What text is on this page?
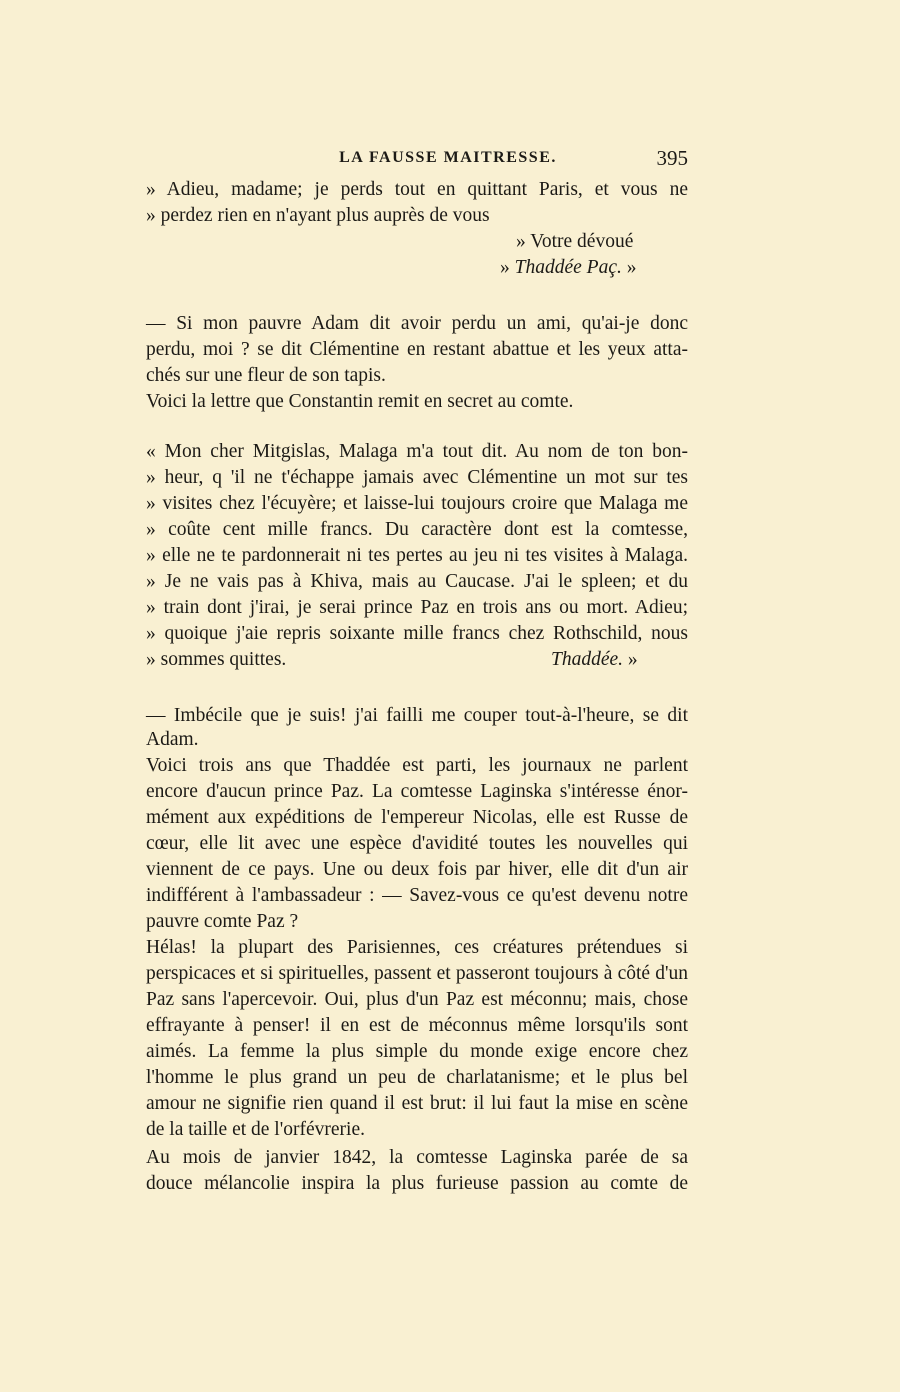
LA FAUSSE MAITRESSE.	395
» Adieu, madame; je perds tout en quittant Paris, et vous ne
» perdez rien en n'ayant plus auprès de vous
» Votre dévoué
» Thaddée Paç. »
— Si mon pauvre Adam dit avoir perdu un ami, qu'ai-je donc
perdu, moi ? se dit Clémentine en restant abattue et les yeux atta-
chés sur une fleur de son tapis.
Voici la lettre que Constantin remit en secret au comte.
« Mon cher Mitgislas, Malaga m'a tout dit. Au nom de ton bon-
» heur, q 'il ne t'échappe jamais avec Clémentine un mot sur tes
» visites chez l'écuyère; et laisse-lui toujours croire que Malaga me
» coûte cent mille francs. Du caractère dont est la comtesse,
» elle ne te pardonnerait ni tes pertes au jeu ni tes visites à Malaga.
» Je ne vais pas à Khiva, mais au Caucase. J'ai le spleen; et du
» train dont j'irai, je serai prince Paz en trois ans ou mort. Adieu;
» quoique j'aie repris soixante mille francs chez Rothschild, nous
» sommes quittes.	Thaddée. »
— Imbécile que je suis! j'ai failli me couper tout-à-l'heure, se dit
Adam.
Voici trois ans que Thaddée est parti, les journaux ne parlent
encore d'aucun prince Paz. La comtesse Laginska s'intéresse énor-
mément aux expéditions de l'empereur Nicolas, elle est Russe de
cœur, elle lit avec une espèce d'avidité toutes les nouvelles qui
viennent de ce pays. Une ou deux fois par hiver, elle dit d'un air
indifférent à l'ambassadeur : — Savez-vous ce qu'est devenu notre
pauvre comte Paz ?
Hélas! la plupart des Parisiennes, ces créatures prétendues si
perspicaces et si spirituelles, passent et passeront toujours à côté d'un
Paz sans l'apercevoir. Oui, plus d'un Paz est méconnu; mais, chose
effrayante à penser! il en est de méconnus même lorsqu'ils sont
aimés. La femme la plus simple du monde exige encore chez
l'homme le plus grand un peu de charlatanisme; et le plus bel
amour ne signifie rien quand il est brut: il lui faut la mise en scène
de la taille et de l'orfévrerie.
Au mois de janvier 1842, la comtesse Laginska parée de sa
douce mélancolie inspira la plus furieuse passion au comte de
